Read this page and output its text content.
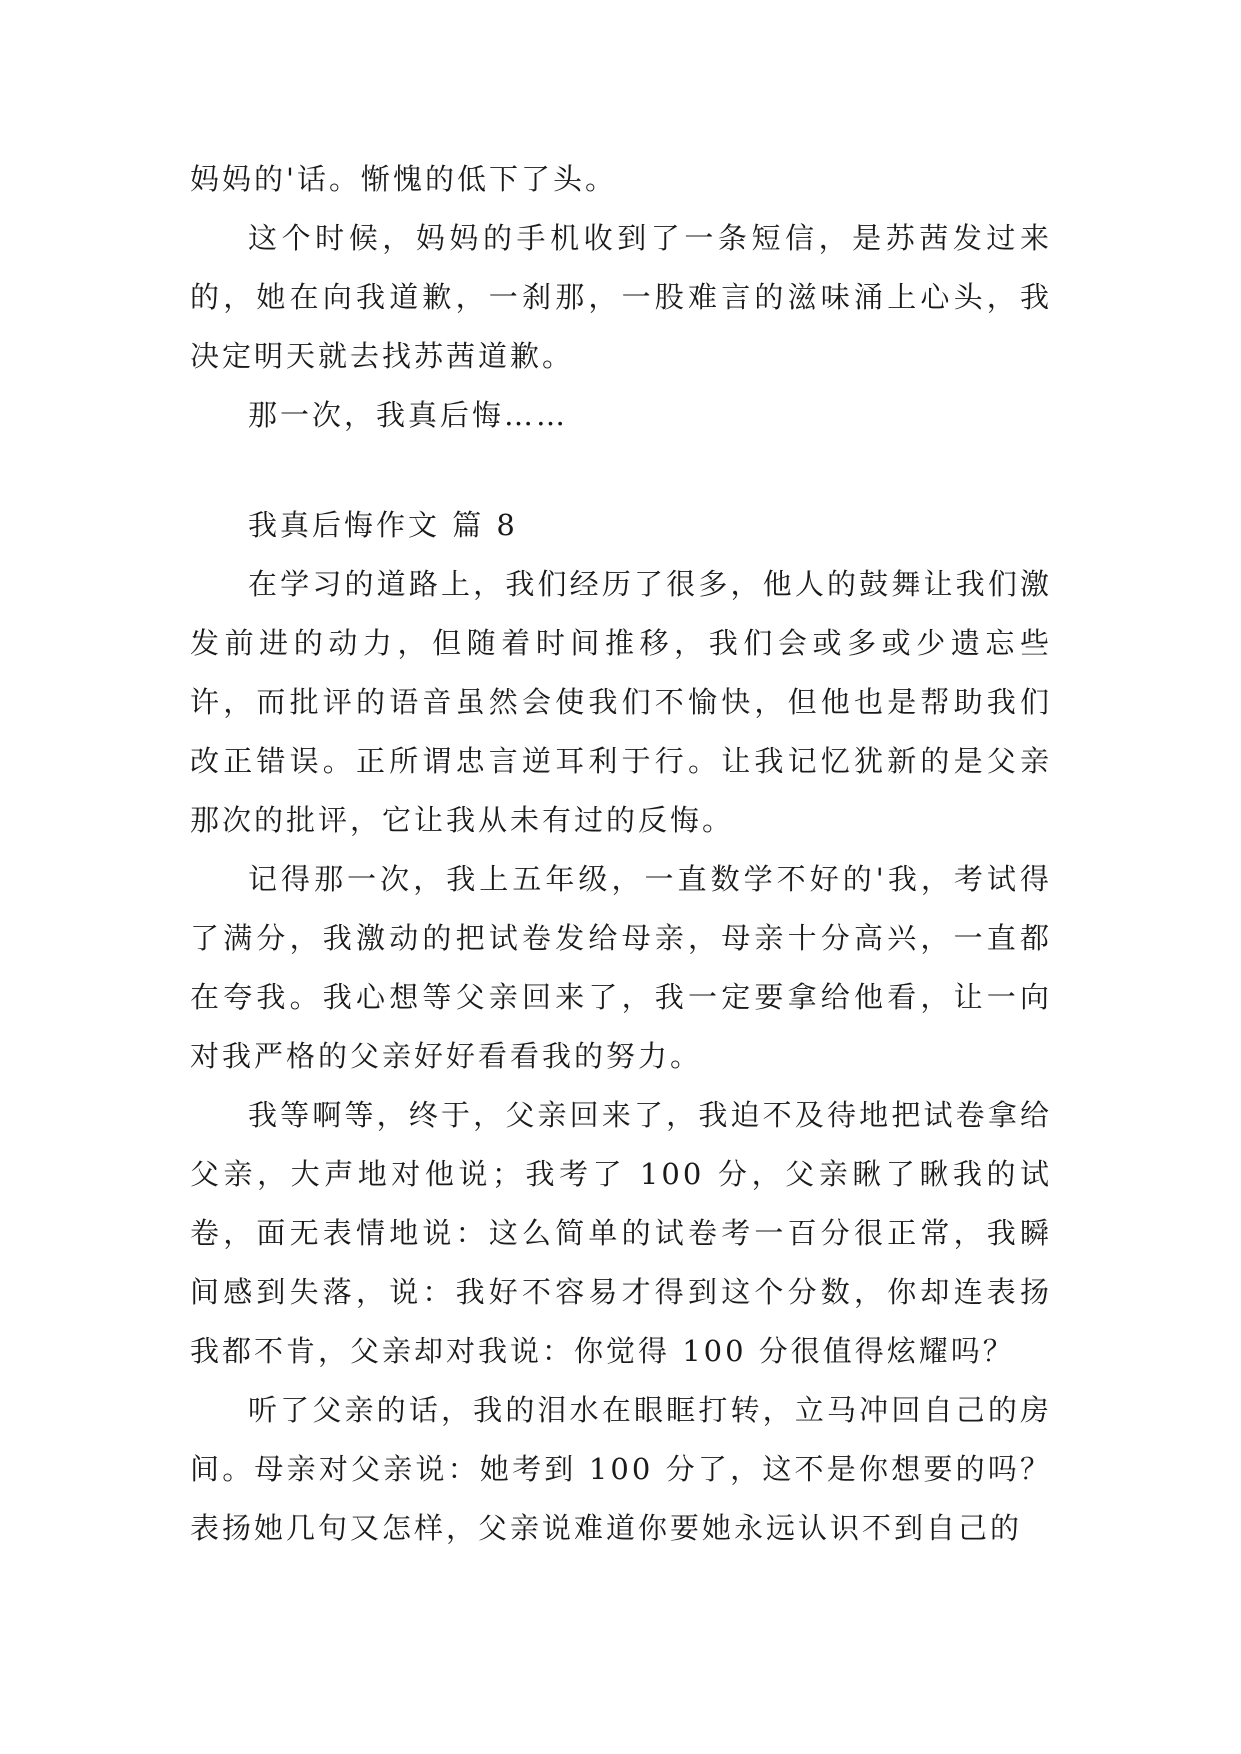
妈妈的'话。惭愧的低下了头。

这个时候，妈妈的手机收到了一条短信，是苏茜发过来的，她在向我道歉，一刹那，一股难言的滋味涌上心头，我决定明天就去找苏茜道歉。

那一次，我真后悔……

我真后悔作文 篇 8

在学习的道路上，我们经历了很多，他人的鼓舞让我们激发前进的动力，但随着时间推移，我们会或多或少遗忘些许，而批评的语音虽然会使我们不愉快，但他也是帮助我们改正错误。正所谓忠言逆耳利于行。让我记忆犹新的是父亲那次的批评，它让我从未有过的反悔。

记得那一次，我上五年级，一直数学不好的'我，考试得了满分，我激动的把试卷发给母亲，母亲十分高兴，一直都在夸我。我心想等父亲回来了，我一定要拿给他看，让一向对我严格的父亲好好看看我的努力。

我等啊等，终于，父亲回来了，我迫不及待地把试卷拿给父亲，大声地对他说；我考了 100 分，父亲瞅了瞅我的试卷，面无表情地说：这么简单的试卷考一百分很正常，我瞬间感到失落，说：我好不容易才得到这个分数，你却连表扬我都不肯，父亲却对我说：你觉得 100 分很值得炫耀吗？

听了父亲的话，我的泪水在眼眶打转，立马冲回自己的房间。母亲对父亲说：她考到 100 分了，这不是你想要的吗？表扬她几句又怎样，父亲说难道你要她永远认识不到自己的
